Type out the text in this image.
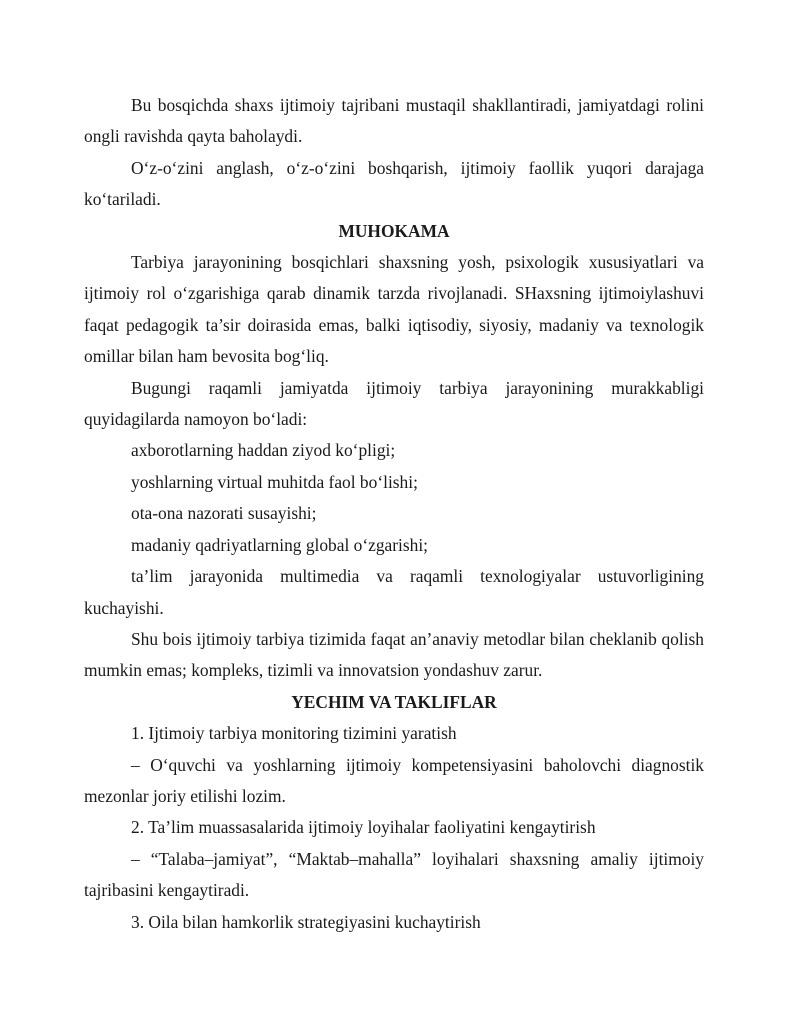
Bu bosqichda shaxs ijtimoiy tajribani mustaqil shakllantiradi, jamiyatdagi rolini ongli ravishda qayta baholaydi.

O‘z-o‘zini anglash, o‘z-o‘zini boshqarish, ijtimoiy faollik yuqori darajaga ko‘tariladi.

MUHOKAMA

Tarbiya jarayonining bosqichlari shaxsning yosh, psixologik xususiyatlari va ijtimoiy rol o‘zgarishiga qarab dinamik tarzda rivojlanadi. SHaxsning ijtimoiylashuvi faqat pedagogik ta’sir doirasida emas, balki iqtisodiy, siyosiy, madaniy va texnologik omillar bilan ham bevosita bog‘liq.

Bugungi raqamli jamiyatda ijtimoiy tarbiya jarayonining murakkabligi quyidagilarda namoyon bo‘ladi:

axborotlarning haddan ziyod ko‘pligi;

yoshlarning virtual muhitda faol bo‘lishi;

ota-ona nazorati susayishi;

madaniy qadriyatlarning global o‘zgarishi;

ta’lim jarayonida multimedia va raqamli texnologiyalar ustuvorligining kuchayishi.

Shu bois ijtimoiy tarbiya tizimida faqat an’anaviy metodlar bilan cheklanib qolish mumkin emas; kompleks, tizimli va innovatsion yondashuv zarur.

YECHIM VA TAKLIFLAR

1. Ijtimoiy tarbiya monitoring tizimini yaratish

– O‘quvchi va yoshlarning ijtimoiy kompetensiyasini baholovchi diagnostik mezonlar joriy etilishi lozim.

2. Ta’lim muassasalarida ijtimoiy loyihalar faoliyatini kengaytirish

– “Talaba–jamiyat”, “Maktab–mahalla” loyihalari shaxsning amaliy ijtimoiy tajribasini kengaytiradi.

3. Oila bilan hamkorlik strategiyasini kuchaytirish
